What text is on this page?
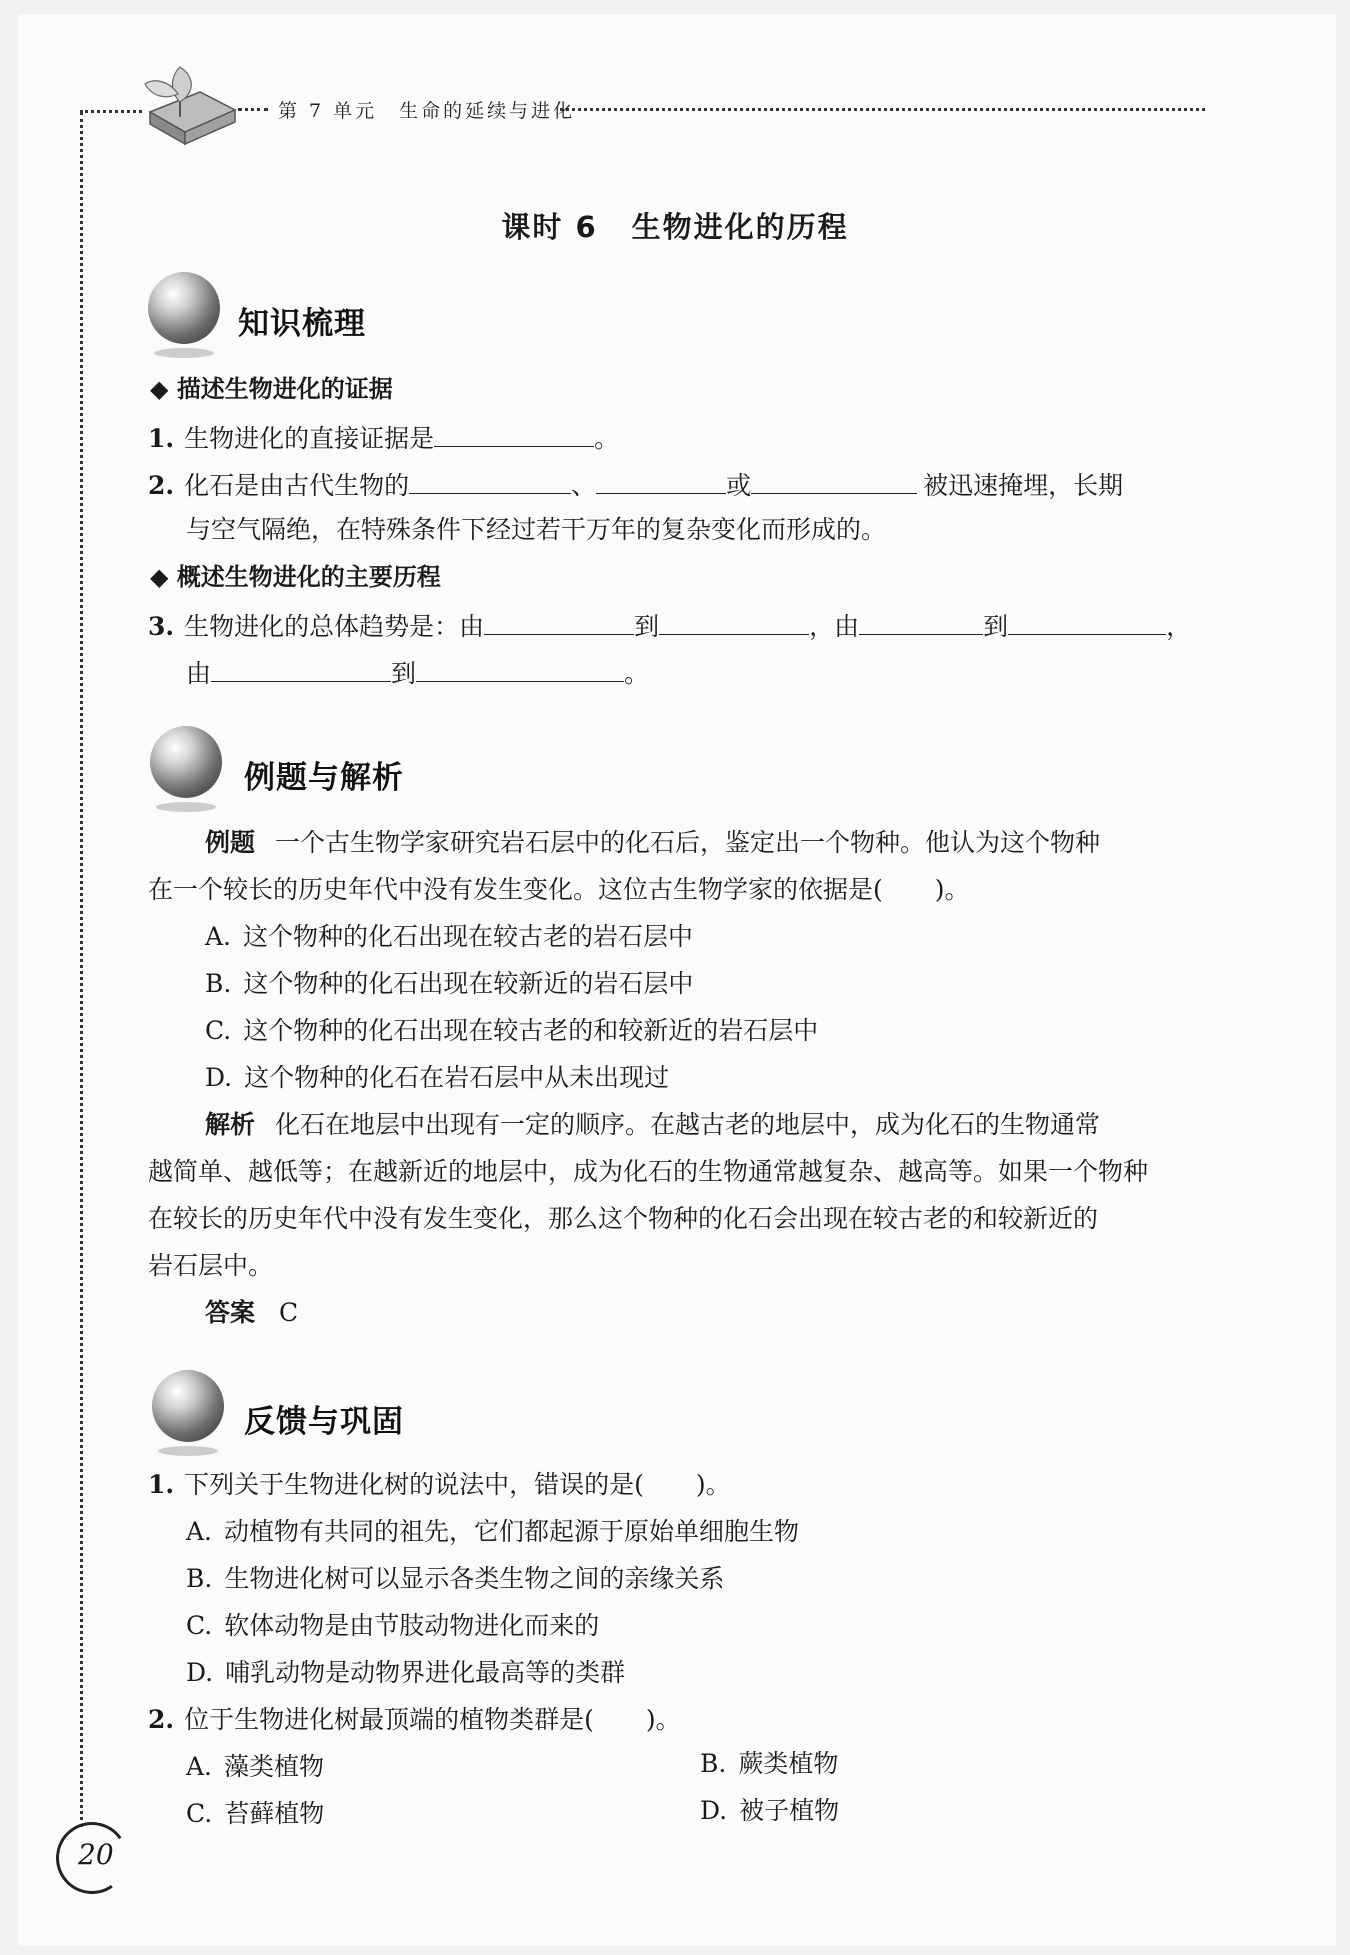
第 7 单元 生命的延续与进化
课时 6 生物进化的历程
知识梳理
◆ 描述生物进化的证据
1. 生物进化的直接证据是	。
2. 化石是由古代生物的	、	或	被迅速掩埋，长期
与空气隔绝，在特殊条件下经过若干万年的复杂变化而形成的。
◆ 概述生物进化的主要历程
3. 生物进化的总体趋势是：由	到	，由	到	，
由	到	。
例题与解析
例题 一个古生物学家研究岩石层中的化石后，鉴定出一个物种。他认为这个物种
在一个较长的历史年代中没有发生变化。这位古生物学家的依据是( )。
A. 这个物种的化石出现在较古老的岩石层中
B. 这个物种的化石出现在较新近的岩石层中
C. 这个物种的化石出现在较古老的和较新近的岩石层中
D. 这个物种的化石在岩石层中从未出现过
解析 化石在地层中出现有一定的顺序。在越古老的地层中，成为化石的生物通常
越简单、越低等；在越新近的地层中，成为化石的生物通常越复杂、越高等。如果一个物种
在较长的历史年代中没有发生变化，那么这个物种的化石会出现在较古老的和较新近的
岩石层中。
答案 C
反馈与巩固
1. 下列关于生物进化树的说法中，错误的是( )。
A. 动植物有共同的祖先，它们都起源于原始单细胞生物
B. 生物进化树可以显示各类生物之间的亲缘关系
C. 软体动物是由节肢动物进化而来的
D. 哺乳动物是动物界进化最高等的类群
2. 位于生物进化树最顶端的植物类群是( )。
A. 藻类植物	B. 蕨类植物
C. 苔藓植物	D. 被子植物
20
